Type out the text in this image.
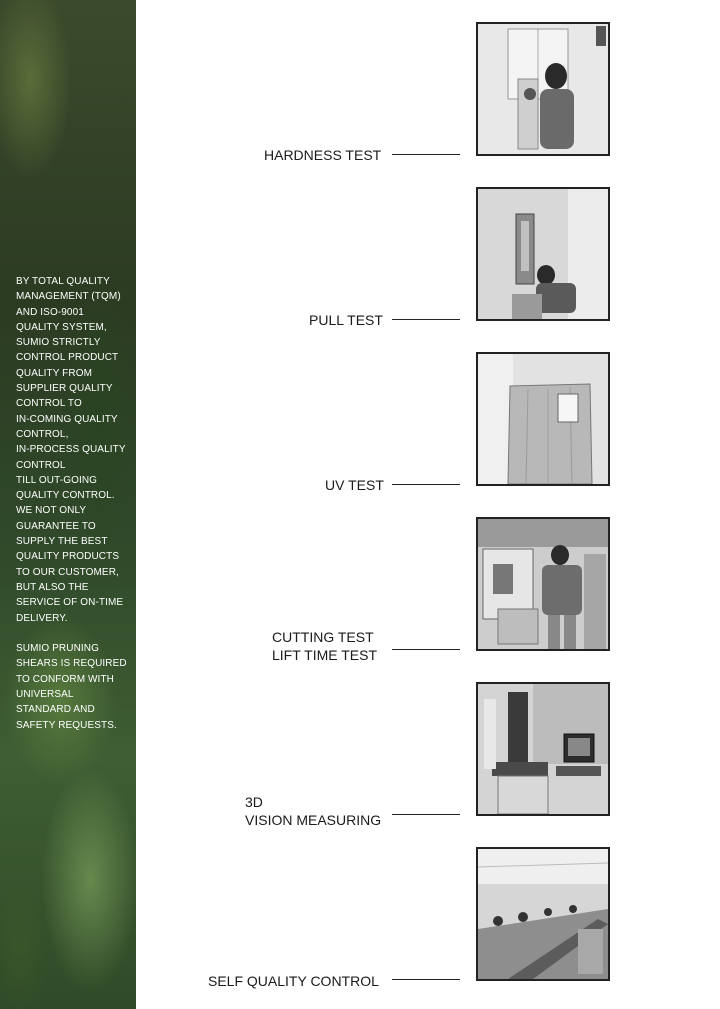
BY TOTAL QUALITY
MANAGEMENT (TQM)
AND ISO-9001
QUALITY SYSTEM,
SUMIO STRICTLY
CONTROL PRODUCT
QUALITY FROM
SUPPLIER QUALITY
CONTROL TO
IN-COMING QUALITY
CONTROL,
IN-PROCESS QUALITY
CONTROL
TILL OUT-GOING
QUALITY CONTROL.
WE NOT ONLY
GUARANTEE TO
SUPPLY THE BEST
QUALITY PRODUCTS
TO OUR CUSTOMER,
BUT ALSO THE
SERVICE OF ON-TIME
DELIVERY.

SUMIO PRUNING
SHEARS IS REQUIRED
TO CONFORM WITH
UNIVERSAL
STANDARD AND
SAFETY REQUESTS.

HARDNESS TEST
PULL TEST
UV TEST
CUTTING TEST
LIFT TIME TEST
3D
VISION MEASURING
SELF QUALITY CONTROL
